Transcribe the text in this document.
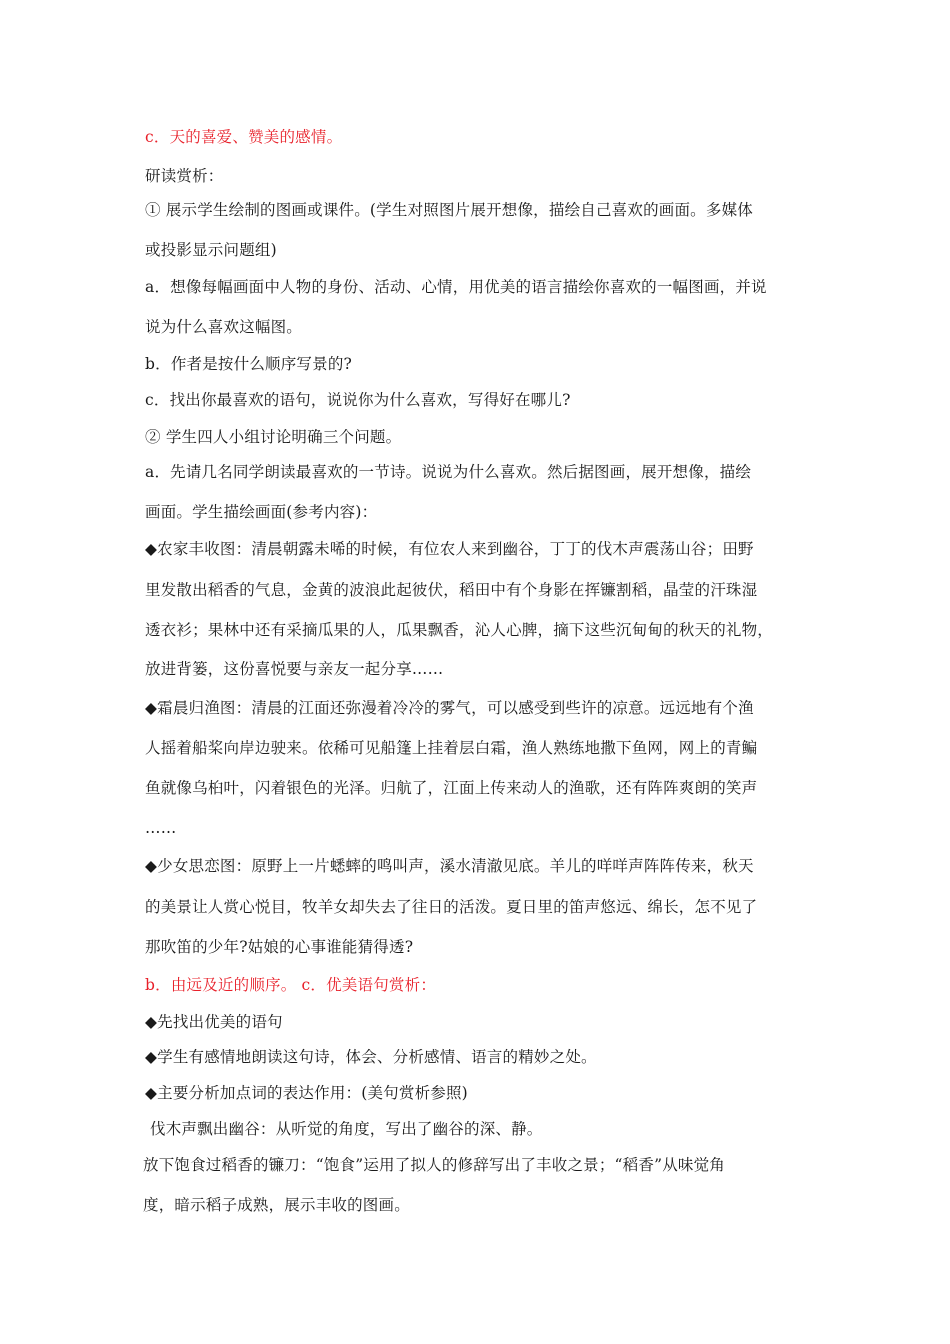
c．天的喜爱、赞美的感情。
研读赏析：
① 展示学生绘制的图画或课件。(学生对照图片展开想像，描绘自己喜欢的画面。多媒体
或投影显示问题组)
a．想像每幅画面中人物的身份、活动、心情，用优美的语言描绘你喜欢的一幅图画，并说
说为什么喜欢这幅图。
b．作者是按什么顺序写景的?
c．找出你最喜欢的语句，说说你为什么喜欢，写得好在哪儿?
② 学生四人小组讨论明确三个问题。
a．先请几名同学朗读最喜欢的一节诗。说说为什么喜欢。然后据图画，展开想像，描绘
画面。学生描绘画面(参考内容)：
◆农家丰收图：清晨朝露未唏的时候，有位农人来到幽谷，丁丁的伐木声震荡山谷；田野
里发散出稻香的气息，金黄的波浪此起彼伏，稻田中有个身影在挥镰割稻，晶莹的汗珠湿
透衣衫；果林中还有采摘瓜果的人，瓜果飘香，沁人心脾，摘下这些沉甸甸的秋天的礼物，
放进背篓，这份喜悦要与亲友一起分享……
◆霜晨归渔图：清晨的江面还弥漫着冷冷的雾气，可以感受到些许的凉意。远远地有个渔
人摇着船桨向岸边驶来。依稀可见船篷上挂着层白霜，渔人熟练地撒下鱼网，网上的青鳊
鱼就像乌桕叶，闪着银色的光泽。归航了，江面上传来动人的渔歌，还有阵阵爽朗的笑声
……
◆少女思恋图：原野上一片蟋蟀的鸣叫声，溪水清澈见底。羊儿的咩咩声阵阵传来，秋天
的美景让人赏心悦目，牧羊女却失去了往日的活泼。夏日里的笛声悠远、绵长，怎不见了
那吹笛的少年?姑娘的心事谁能猜得透?
b．由远及近的顺序。 c．优美语句赏析：
◆先找出优美的语句
◆学生有感情地朗读这句诗，体会、分析感情、语言的精妙之处。
◆主要分析加点词的表达作用：(美句赏析参照)
伐木声飘出幽谷：从听觉的角度，写出了幽谷的深、静。
放下饱食过稻香的镰刀：“饱食”运用了拟人的修辞写出了丰收之景；“稻香”从味觉角
度，暗示稻子成熟，展示丰收的图画。
